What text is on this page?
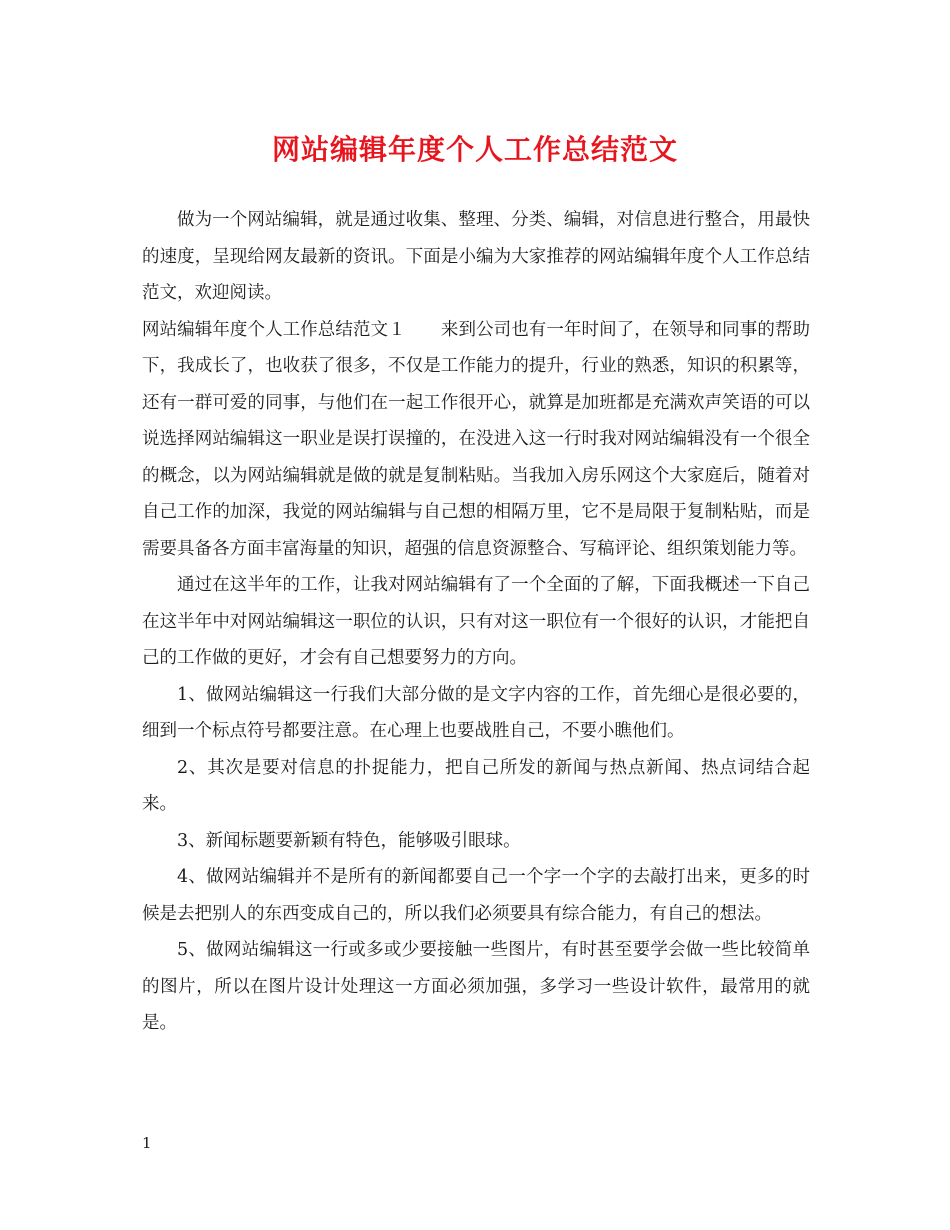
网站编辑年度个人工作总结范文

做为一个网站编辑，就是通过收集、整理、分类、编辑，对信息进行整合，用最快的速度，呈现给网友最新的资讯。下面是小编为大家推荐的网站编辑年度个人工作总结范文，欢迎阅读。

网站编辑年度个人工作总结范文１　　来到公司也有一年时间了，在领导和同事的帮助下，我成长了，也收获了很多，不仅是工作能力的提升，行业的熟悉，知识的积累等，还有一群可爱的同事，与他们在一起工作很开心，就算是加班都是充满欢声笑语的可以说选择网站编辑这一职业是误打误撞的，在没进入这一行时我对网站编辑没有一个很全的概念，以为网站编辑就是做的就是复制粘贴。当我加入房乐网这个大家庭后，随着对自己工作的加深，我觉的网站编辑与自己想的相隔万里，它不是局限于复制粘贴，而是需要具备各方面丰富海量的知识，超强的信息资源整合、写稿评论、组织策划能力等。

通过在这半年的工作，让我对网站编辑有了一个全面的了解，下面我概述一下自己在这半年中对网站编辑这一职位的认识，只有对这一职位有一个很好的认识，才能把自己的工作做的更好，才会有自己想要努力的方向。

1、做网站编辑这一行我们大部分做的是文字内容的工作，首先细心是很必要的，细到一个标点符号都要注意。在心理上也要战胜自己，不要小瞧他们。

2、其次是要对信息的扑捉能力，把自己所发的新闻与热点新闻、热点词结合起来。

3、新闻标题要新颖有特色，能够吸引眼球。

4、做网站编辑并不是所有的新闻都要自己一个字一个字的去敲打出来，更多的时候是去把别人的东西变成自己的，所以我们必须要具有综合能力，有自己的想法。

5、做网站编辑这一行或多或少要接触一些图片，有时甚至要学会做一些比较简单的图片，所以在图片设计处理这一方面必须加强，多学习一些设计软件，最常用的就是。

1
